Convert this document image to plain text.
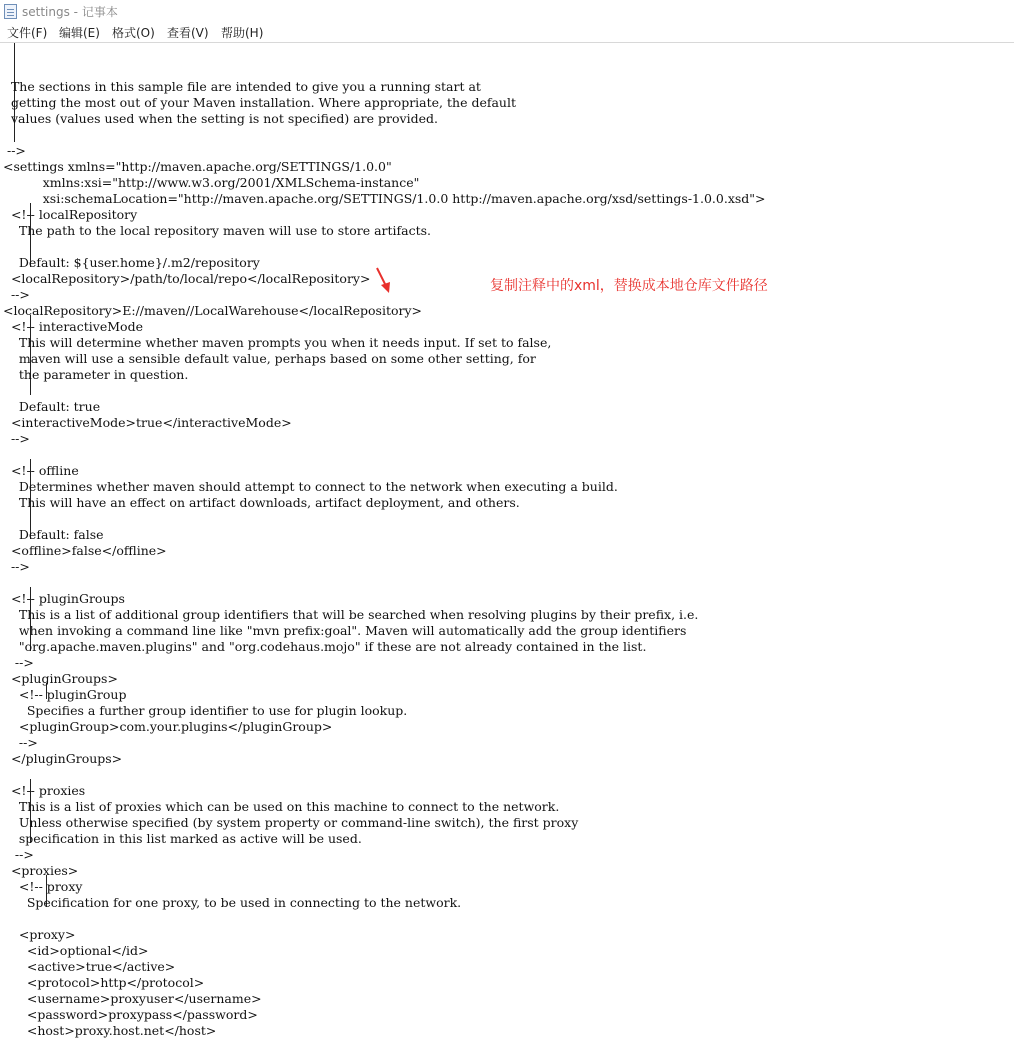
settings - 记事本
文件(F) 编辑(E) 格式(O) 查看(V) 帮助(H)
The sections in this sample file are intended to give you a running start at
getting the most out of your Maven installation. Where appropriate, the default
values (values used when the setting is not specified) are provided.
-->
<settings xmlns="http://maven.apache.org/SETTINGS/1.0.0"
xmlns:xsi="http://www.w3.org/2001/XMLSchema-instance"
xsi:schemaLocation="http://maven.apache.org/SETTINGS/1.0.0 http://maven.apache.org/xsd/settings-1.0.0.xsd">
<!-- localRepository
The path to the local repository maven will use to store artifacts.
Default: ${user.home}/.m2/repository
<localRepository>/path/to/local/repo</localRepository>
-->
<localRepository>E://maven//LocalWarehouse</localRepository>
<!-- interactiveMode
This will determine whether maven prompts you when it needs input. If set to false,
maven will use a sensible default value, perhaps based on some other setting, for
the parameter in question.
Default: true
<interactiveMode>true</interactiveMode>
-->
<!-- offline
Determines whether maven should attempt to connect to the network when executing a build.
This will have an effect on artifact downloads, artifact deployment, and others.
Default: false
<offline>false</offline>
-->
<!-- pluginGroups
This is a list of additional group identifiers that will be searched when resolving plugins by their prefix, i.e.
when invoking a command line like "mvn prefix:goal". Maven will automatically add the group identifiers
"org.apache.maven.plugins" and "org.codehaus.mojo" if these are not already contained in the list.
-->
<pluginGroups>
<!-- pluginGroup
Specifies a further group identifier to use for plugin lookup.
<pluginGroup>com.your.plugins</pluginGroup>
-->
</pluginGroups>
<!-- proxies
This is a list of proxies which can be used on this machine to connect to the network.
Unless otherwise specified (by system property or command-line switch), the first proxy
specification in this list marked as active will be used.
-->
<proxies>
<!-- proxy
Specification for one proxy, to be used in connecting to the network.
<proxy>
<id>optional</id>
<active>true</active>
<protocol>http</protocol>
<username>proxyuser</username>
<password>proxypass</password>
<host>proxy.host.net</host>
复制注释中的xml，替换成本地仓库文件路径
